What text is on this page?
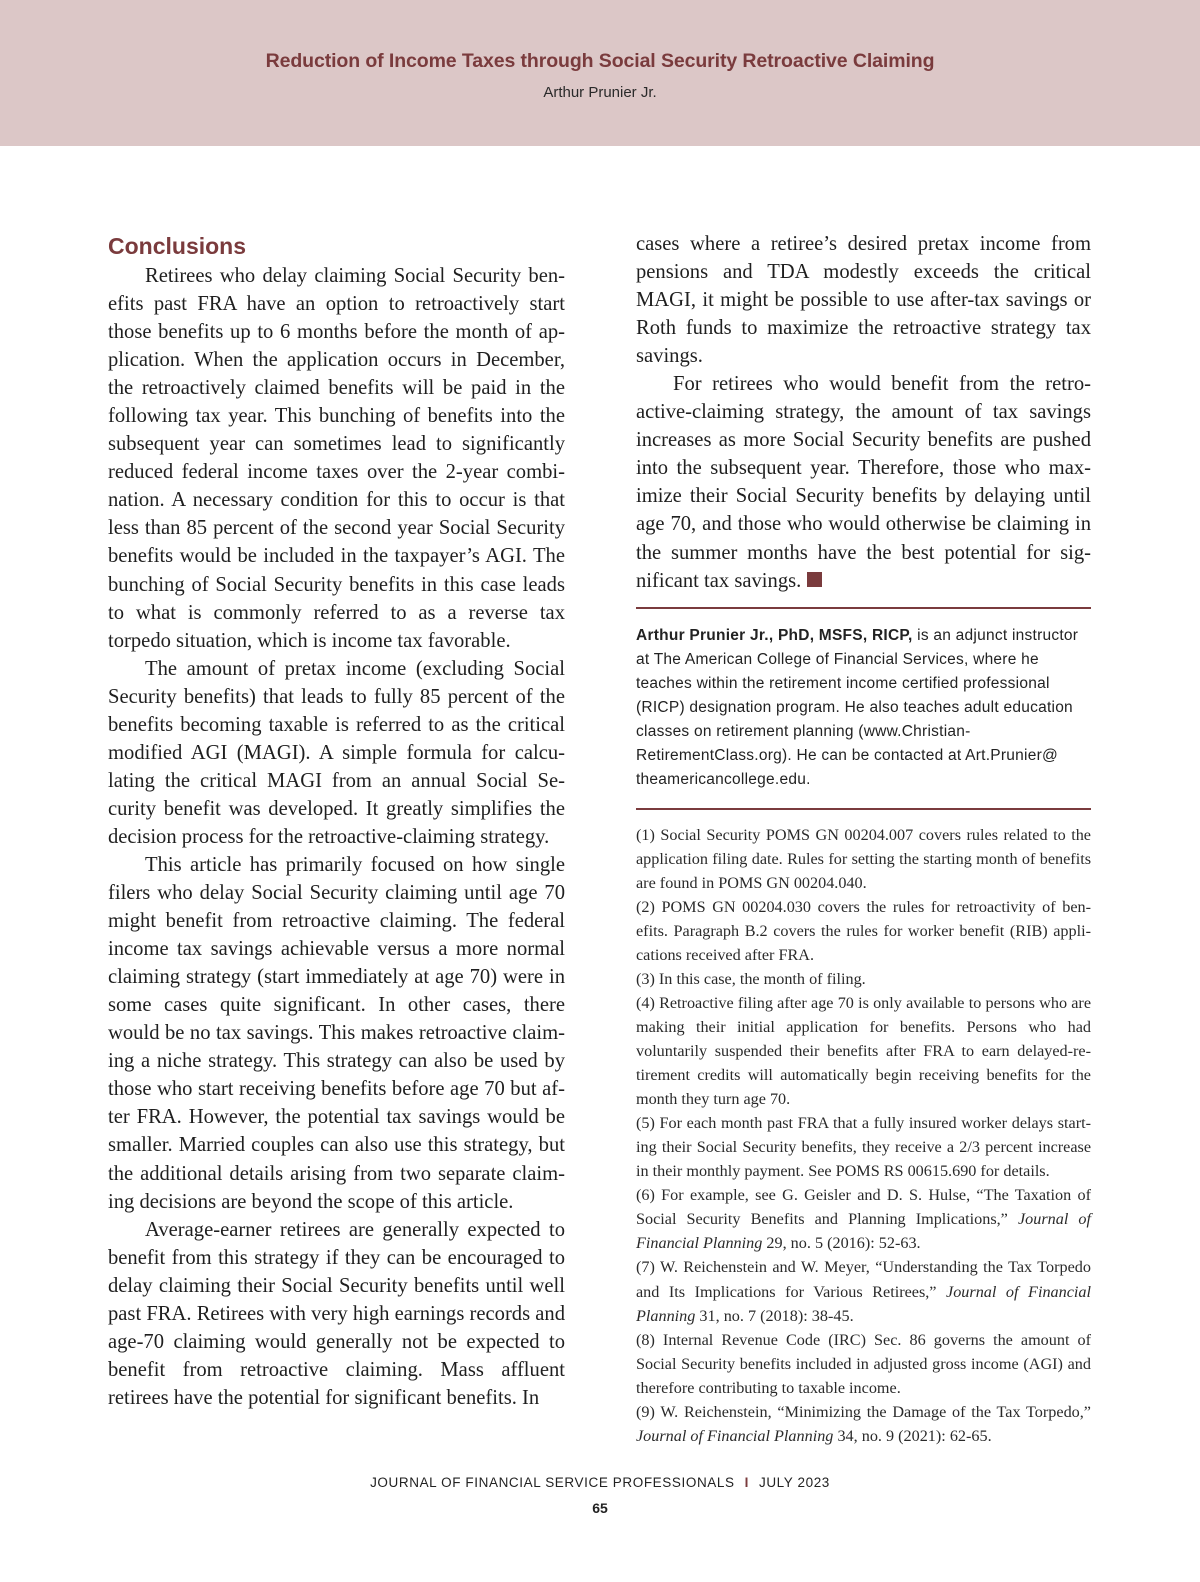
Reduction of Income Taxes through Social Security Retroactive Claiming
Arthur Prunier Jr.
Conclusions

Retirees who delay claiming Social Security benefits past FRA have an option to retroactively start those benefits up to 6 months before the month of application. When the application occurs in December, the retroactively claimed benefits will be paid in the following tax year. This bunching of benefits into the subsequent year can sometimes lead to significantly reduced federal income taxes over the 2-year combination. A necessary condition for this to occur is that less than 85 percent of the second year Social Security benefits would be included in the taxpayer’s AGI. The bunching of Social Security benefits in this case leads to what is commonly referred to as a reverse tax torpedo situation, which is income tax favorable.

The amount of pretax income (excluding Social Security benefits) that leads to fully 85 percent of the benefits becoming taxable is referred to as the critical modified AGI (MAGI). A simple formula for calculating the critical MAGI from an annual Social Security benefit was developed. It greatly simplifies the decision process for the retroactive-claiming strategy.

This article has primarily focused on how single filers who delay Social Security claiming until age 70 might benefit from retroactive claiming. The federal income tax savings achievable versus a more normal claiming strategy (start immediately at age 70) were in some cases quite significant. In other cases, there would be no tax savings. This makes retroactive claiming a niche strategy. This strategy can also be used by those who start receiving benefits before age 70 but after FRA. However, the potential tax savings would be smaller. Married couples can also use this strategy, but the additional details arising from two separate claiming decisions are beyond the scope of this article.

Average-earner retirees are generally expected to benefit from this strategy if they can be encouraged to delay claiming their Social Security benefits until well past FRA. Retirees with very high earnings records and age-70 claiming would generally not be expected to benefit from retroactive claiming. Mass affluent retirees have the potential for significant benefits. In

cases where a retiree’s desired pretax income from pensions and TDA modestly exceeds the critical MAGI, it might be possible to use after-tax savings or Roth funds to maximize the retroactive strategy tax savings.

For retirees who would benefit from the retroactive-claiming strategy, the amount of tax savings increases as more Social Security benefits are pushed into the subsequent year. Therefore, those who maximize their Social Security benefits by delaying until age 70, and those who would otherwise be claiming in the summer months have the best potential for significant tax savings.

Arthur Prunier Jr., PhD, MSFS, RICP, is an adjunct instructor at The American College of Financial Services, where he teaches within the retirement income certified professional (RICP) designation program. He also teaches adult education classes on retirement planning (www.Christian-RetirementClass.org). He can be contacted at Art.Prunier@​theamericancollege.edu.

(1) Social Security POMS GN 00204.007 covers rules related to the application filing date. Rules for setting the starting month of benefits are found in POMS GN 00204.040.

(2) POMS GN 00204.030 covers the rules for retroactivity of benefits. Paragraph B.2 covers the rules for worker benefit (RIB) applications received after FRA.

(3) In this case, the month of filing.

(4) Retroactive filing after age 70 is only available to persons who are making their initial application for benefits. Persons who had voluntarily suspended their benefits after FRA to earn delayed-retirement credits will automatically begin receiving benefits for the month they turn age 70.

(5) For each month past FRA that a fully insured worker delays starting their Social Security benefits, they receive a 2/3 percent increase in their monthly payment. See POMS RS 00615.690 for details.

(6) For example, see G. Geisler and D. S. Hulse, “The Taxation of Social Security Benefits and Planning Implications,” Journal of Financial Planning 29, no. 5 (2016): 52-63.

(7) W. Reichenstein and W. Meyer, “Understanding the Tax Torpedo and Its Implications for Various Retirees,” Journal of Financial Planning 31, no. 7 (2018): 38-45.

(8) Internal Revenue Code (IRC) Sec. 86 governs the amount of Social Security benefits included in adjusted gross income (AGI) and therefore contributing to taxable income.

(9) W. Reichenstein, “Minimizing the Damage of the Tax Torpedo,” Journal of Financial Planning 34, no. 9 (2021): 62-65.

JOURNAL OF FINANCIAL SERVICE PROFESSIONALS I JULY 2023
65
